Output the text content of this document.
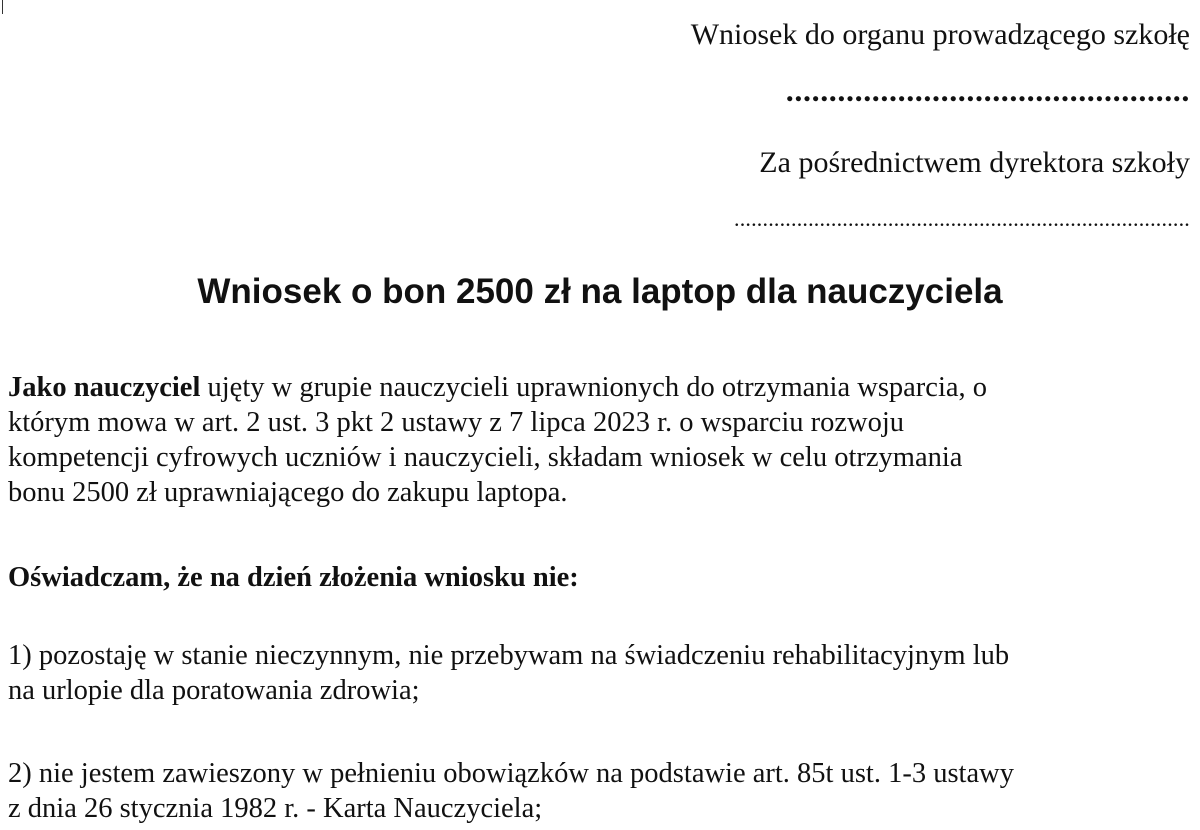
Wniosek do organu prowadzącego szkołę
...............................................
Za pośrednictwem dyrektora szkoły
................................................................................
Wniosek o bon 2500 zł na laptop dla nauczyciela
Jako nauczyciel ujęty w grupie nauczycieli uprawnionych do otrzymania wsparcia, o
którym mowa w art. 2 ust. 3 pkt 2 ustawy z 7 lipca 2023 r. o wsparciu rozwoju
kompetencji cyfrowych uczniów i nauczycieli, składam wniosek w celu otrzymania
bonu 2500 zł uprawniającego do zakupu laptopa.
Oświadczam, że na dzień złożenia wniosku nie:
1) pozostaję w stanie nieczynnym, nie przebywam na świadczeniu rehabilitacyjnym lub
na urlopie dla poratowania zdrowia;
2) nie jestem zawieszony w pełnieniu obowiązków na podstawie art. 85t ust. 1-3 ustawy
z dnia 26 stycznia 1982 r. - Karta Nauczyciela;
